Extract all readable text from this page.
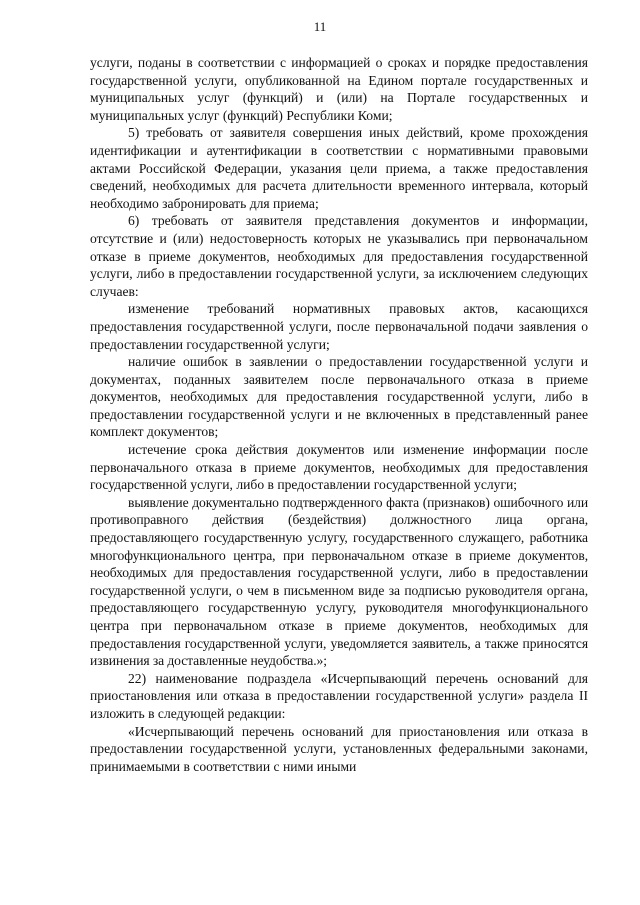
11

услуги, поданы в соответствии с информацией о сроках и порядке предоставления государственной услуги, опубликованной на Едином портале государственных и муниципальных услуг (функций) и (или) на Портале государственных и муниципальных услуг (функций) Республики Коми;

5) требовать от заявителя совершения иных действий, кроме прохождения идентификации и аутентификации в соответствии с нормативными правовыми актами Российской Федерации, указания цели приема, а также предоставления сведений, необходимых для расчета длительности временного интервала, который необходимо забронировать для приема;

6) требовать от заявителя представления документов и информации, отсутствие и (или) недостоверность которых не указывались при первоначальном отказе в приеме документов, необходимых для предоставления государственной услуги, либо в предоставлении государственной услуги, за исключением следующих случаев:

изменение требований нормативных правовых актов, касающихся предоставления государственной услуги, после первоначальной подачи заявления о предоставлении государственной услуги;

наличие ошибок в заявлении о предоставлении государственной услуги и документах, поданных заявителем после первоначального отказа в приеме документов, необходимых для предоставления государственной услуги, либо в предоставлении государственной услуги и не включенных в представленный ранее комплект документов;

истечение срока действия документов или изменение информации после первоначального отказа в приеме документов, необходимых для предоставления государственной услуги, либо в предоставлении государственной услуги;

выявление документально подтвержденного факта (признаков) ошибочного или противоправного действия (бездействия) должностного лица органа, предоставляющего государственную услугу, государственного служащего, работника многофункционального центра, при первоначальном отказе в приеме документов, необходимых для предоставления государственной услуги, либо в предоставлении государственной услуги, о чем в письменном виде за подписью руководителя органа, предоставляющего государственную услугу, руководителя многофункционального центра при первоначальном отказе в приеме документов, необходимых для предоставления государственной услуги, уведомляется заявитель, а также приносятся извинения за доставленные неудобства.»;

22) наименование подраздела «Исчерпывающий перечень оснований для приостановления или отказа в предоставлении государственной услуги» раздела II изложить в следующей редакции:

«Исчерпывающий перечень оснований для приостановления или отказа в предоставлении государственной услуги, установленных федеральными законами, принимаемыми в соответствии с ними иными
